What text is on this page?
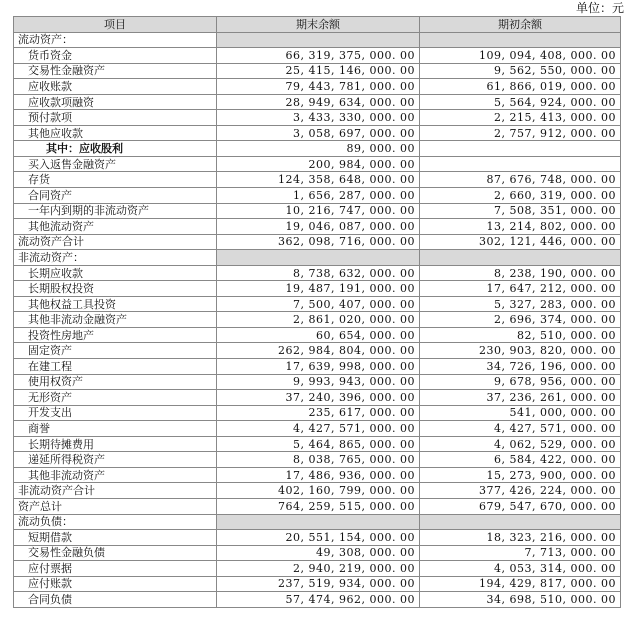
单位：元
项目	期末余额	期初余额
流动资产：		
货币资金	66, 319, 375, 000. 00	109, 094, 408, 000. 00
交易性金融资产	25, 415, 146, 000. 00	9, 562, 550, 000. 00
应收账款	79, 443, 781, 000. 00	61, 866, 019, 000. 00
应收款项融资	28, 949, 634, 000. 00	5, 564, 924, 000. 00
预付款项	3, 433, 330, 000. 00	2, 215, 413, 000. 00
其他应收款	3, 058, 697, 000. 00	2, 757, 912, 000. 00
其中：应收股利	89, 000. 00	
买入返售金融资产	200, 984, 000. 00	
存货	124, 358, 648, 000. 00	87, 676, 748, 000. 00
合同资产	1, 656, 287, 000. 00	2, 660, 319, 000. 00
一年内到期的非流动资产	10, 216, 747, 000. 00	7, 508, 351, 000. 00
其他流动资产	19, 046, 087, 000. 00	13, 214, 802, 000. 00
流动资产合计	362, 098, 716, 000. 00	302, 121, 446, 000. 00
非流动资产：		
长期应收款	8, 738, 632, 000. 00	8, 238, 190, 000. 00
长期股权投资	19, 487, 191, 000. 00	17, 647, 212, 000. 00
其他权益工具投资	7, 500, 407, 000. 00	5, 327, 283, 000. 00
其他非流动金融资产	2, 861, 020, 000. 00	2, 696, 374, 000. 00
投资性房地产	60, 654, 000. 00	82, 510, 000. 00
固定资产	262, 984, 804, 000. 00	230, 903, 820, 000. 00
在建工程	17, 639, 998, 000. 00	34, 726, 196, 000. 00
使用权资产	9, 993, 943, 000. 00	9, 678, 956, 000. 00
无形资产	37, 240, 396, 000. 00	37, 236, 261, 000. 00
开发支出	235, 617, 000. 00	541, 000, 000. 00
商誉	4, 427, 571, 000. 00	4, 427, 571, 000. 00
长期待摊费用	5, 464, 865, 000. 00	4, 062, 529, 000. 00
递延所得税资产	8, 038, 765, 000. 00	6, 584, 422, 000. 00
其他非流动资产	17, 486, 936, 000. 00	15, 273, 900, 000. 00
非流动资产合计	402, 160, 799, 000. 00	377, 426, 224, 000. 00
资产总计	764, 259, 515, 000. 00	679, 547, 670, 000. 00
流动负债：		
短期借款	20, 551, 154, 000. 00	18, 323, 216, 000. 00
交易性金融负债	49, 308, 000. 00	7, 713, 000. 00
应付票据	2, 940, 219, 000. 00	4, 053, 314, 000. 00
应付账款	237, 519, 934, 000. 00	194, 429, 817, 000. 00
合同负债	57, 474, 962, 000. 00	34, 698, 510, 000. 00
